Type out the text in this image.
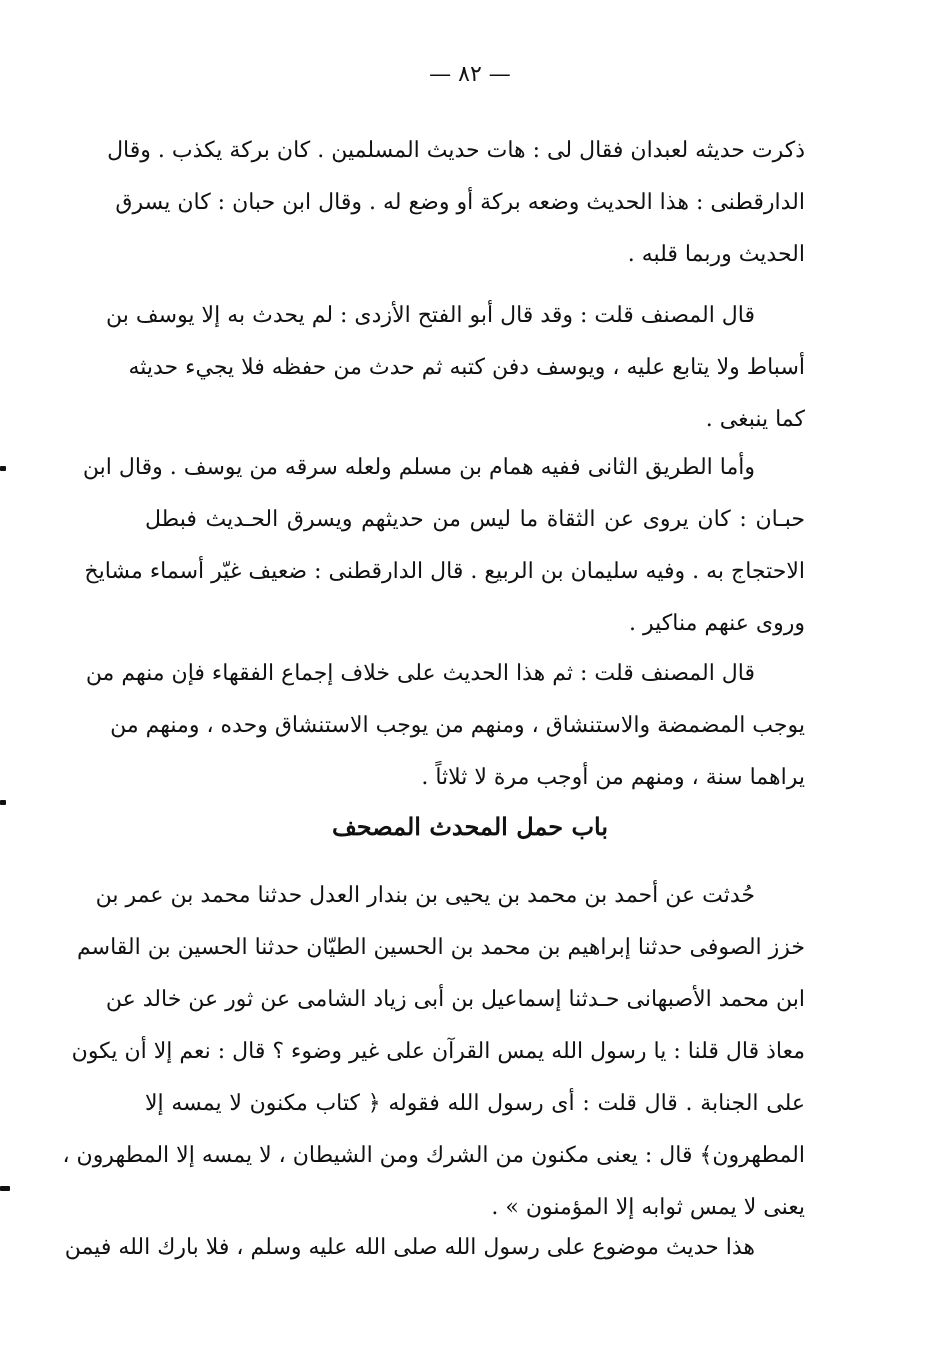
— ٨٢ —
ذكرت حديثه لعبدان فقال لى : هات حديث المسلمين . كان بركة يكذب . وقال
الدارقطنى : هذا الحديث وضعه بركة أو وضع له . وقال ابن حبان : كان يسرق
الحديث وربما قلبه .
قال المصنف قلت : وقد قال أبو الفتح الأزدى : لم يحدث به إلا يوسف بن
أسباط ولا يتابع عليه ، ويوسف دفن كتبه ثم حدث من حفظه فلا يجيء حديثه
كما ينبغى .
وأما الطريق الثانى ففيه همام بن مسلم ولعله سرقه من يوسف . وقال ابن
حبـان : كان يروى عن الثقاة ما ليس من حديثهم ويسرق الحـديث فبطل
الاحتجاج به . وفيه سليمان بن الربيع . قال الدارقطنى : ضعيف غيّر أسماء مشايخ
وروى عنهم مناكير .
قال المصنف قلت : ثم هذا الحديث على خلاف إجماع الفقهاء فإن منهم من
يوجب المضمضة والاستنشاق ، ومنهم من يوجب الاستنشاق وحده ، ومنهم من
يراهما سنة ، ومنهم من أوجب مرة لا ثلاثاً .
باب حمل المحدث المصحف
حُدثت عن أحمد بن محمد بن يحيى بن بندار العدل حدثنا محمد بن عمر بن
خزز الصوفى حدثنا إبراهيم بن محمد بن الحسين الطيّان حدثنا الحسين بن القاسم
ابن محمد الأصبهانى حـدثنا إسماعيل بن أبى زياد الشامى عن ثور عن خالد عن
معاذ قال قلنا : يا رسول الله يمس القرآن على غير وضوء ؟ قال : نعم إلا أن يكون
على الجنابة . قال قلت : أى رسول الله فقوله ﴿ كتاب مكنون لا يمسه إلا
المطهرون﴾ قال : يعنى مكنون من الشرك ومن الشيطان ، لا يمسه إلا المطهرون ،
يعنى لا يمس ثوابه إلا المؤمنون » .
هذا حديث موضوع على رسول الله صلى الله عليه وسلم ، فلا بارك الله فيمن
